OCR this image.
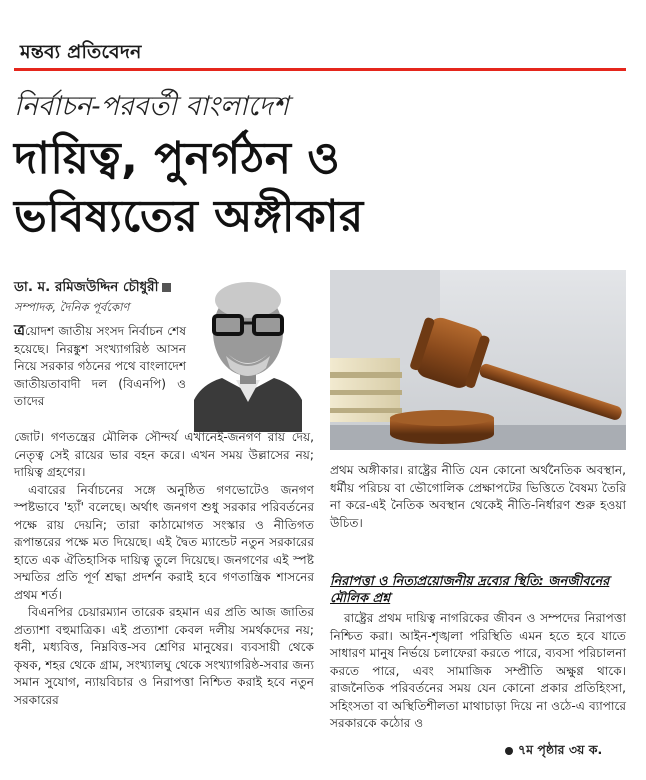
মন্তব্য প্রতিবেদন
নির্বাচন-পরবর্তী বাংলাদেশ
দায়িত্ব, পুনর্গঠন ও
ভবিষ্যতের অঙ্গীকার
ডা. ম. রমিজউদ্দিন চৌধুরী
সম্পাদক, দৈনিক পূর্বকোণ
ত্রয়োদশ জাতীয় সংসদ নির্বাচন শেষ হয়েছে। নিরঙ্কুশ সংখ্যাগরিষ্ঠ আসন নিয়ে সরকার গঠনের পথে বাংলাদেশ জাতীয়তাবাদী দল (বিএনপি) ও তাদের

জোট। গণতন্ত্রের মৌলিক সৌন্দর্য এখানেই-জনগণ রায় দেয়, নেতৃত্ব সেই রায়ের ভার বহন করে। এখন সময় উল্লাসের নয়; দায়িত্ব গ্রহণের।

এবারের নির্বাচনের সঙ্গে অনুষ্ঠিত গণভোটেও জনগণ স্পষ্টভাবে 'হ্যাঁ' বলেছে। অর্থাৎ জনগণ শুধু সরকার পরিবর্তনের পক্ষে রায় দেয়নি; তারা কাঠামোগত সংস্কার ও নীতিগত রূপান্তরের পক্ষে মত দিয়েছে। এই দ্বৈত ম্যান্ডেট নতুন সরকারের হাতে এক ঐতিহাসিক দায়িত্ব তুলে দিয়েছে। জনগণের এই স্পষ্ট সম্মতির প্রতি পূর্ণ শ্রদ্ধা প্রদর্শন করাই হবে গণতান্ত্রিক শাসনের প্রথম শর্ত।

বিএনপির চেয়ারম্যান তারেক রহমান এর প্রতি আজ জাতির প্রত্যাশা বহুমাত্রিক। এই প্রত্যাশা কেবল দলীয় সমর্থকদের নয়; ধনী, মধ্যবিত্ত, নিম্নবিত্ত-সব শ্রেণির মানুষের। ব্যবসায়ী থেকে কৃষক, শহর থেকে গ্রাম, সংখ্যালঘু থেকে সংখ্যাগরিষ্ঠ-সবার জন্য সমান সুযোগ, ন্যায়বিচার ও নিরাপত্তা নিশ্চিত করাই হবে নতুন সরকারের

প্রথম অঙ্গীকার। রাষ্ট্রের নীতি যেন কোনো অর্থনৈতিক অবস্থান, ধর্মীয় পরিচয় বা ভৌগোলিক প্রেক্ষাপটের ভিত্তিতে বৈষম্য তৈরি না করে-এই নৈতিক অবস্থান থেকেই নীতি-নির্ধারণ শুরু হওয়া উচিত।

নিরাপত্তা ও নিত্যপ্রয়োজনীয় দ্রব্যের স্থিতি: জনজীবনের মৌলিক প্রশ্ন

রাষ্ট্রের প্রথম দায়িত্ব নাগরিকের জীবন ও সম্পদের নিরাপত্তা নিশ্চিত করা। আইন-শৃঙ্খলা পরিস্থিতি এমন হতে হবে যাতে সাধারণ মানুষ নির্ভয়ে চলাফেরা করতে পারে, ব্যবসা পরিচালনা করতে পারে, এবং সামাজিক সম্প্রীতি অক্ষুণ্ণ থাকে। রাজনৈতিক পরিবর্তনের সময় যেন কোনো প্রকার প্রতিহিংসা, সহিংসতা বা অস্থিতিশীলতা মাথাচাড়া দিয়ে না ওঠে-এ ব্যাপারে সরকারকে কঠোর ও

৭ম পৃষ্ঠার ৩য় ক.
